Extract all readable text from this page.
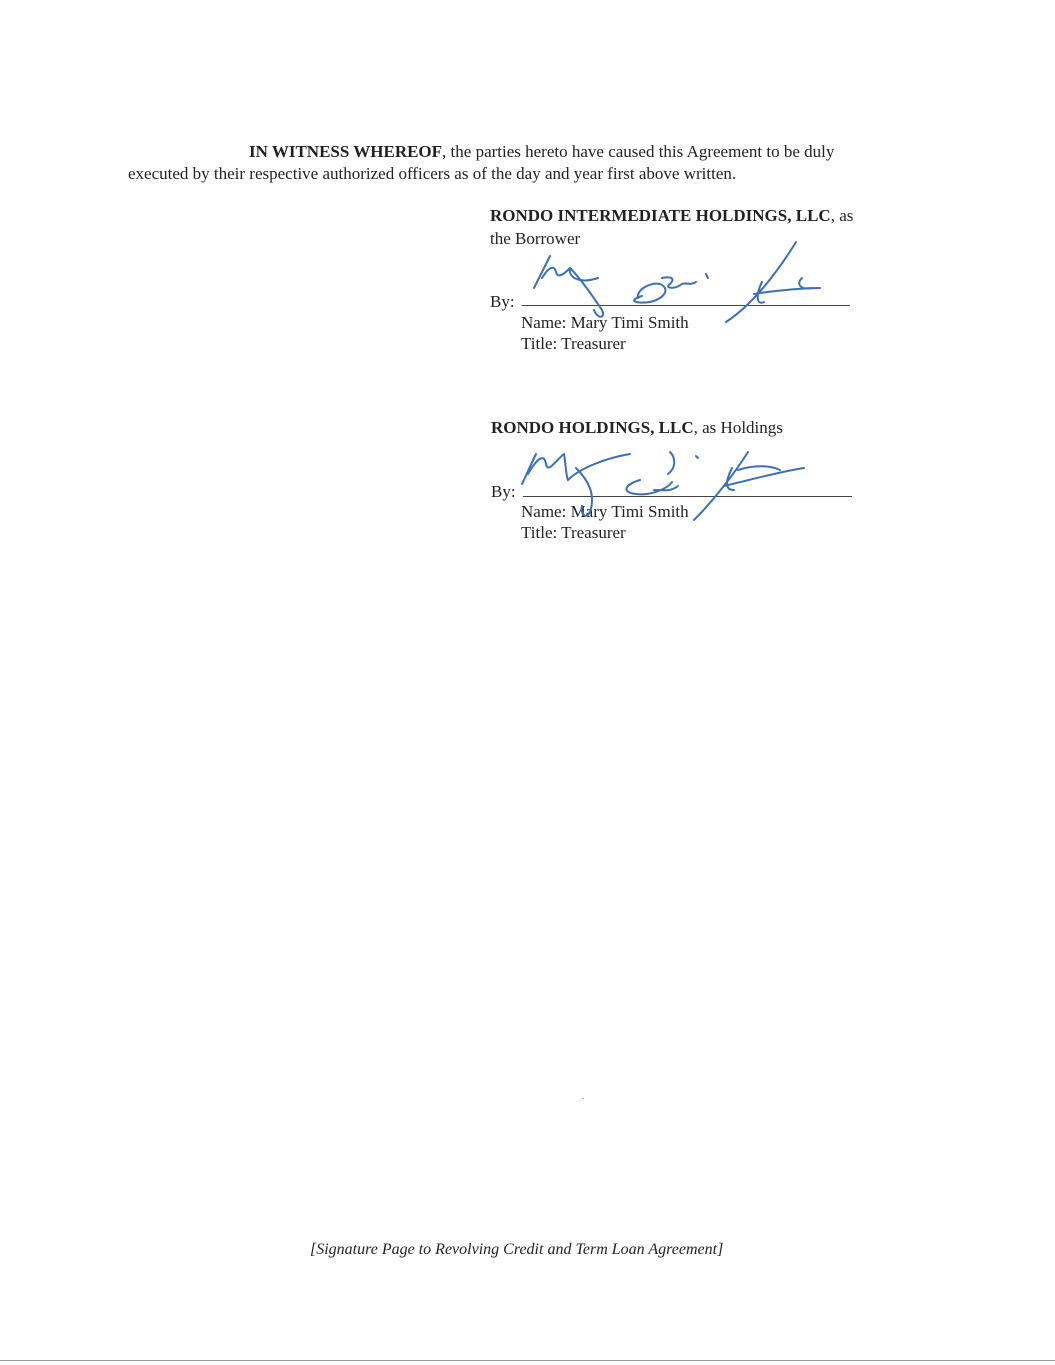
IN WITNESS WHEREOF, the parties hereto have caused this Agreement to be duly
executed by their respective authorized officers as of the day and year first above written.
RONDO INTERMEDIATE HOLDINGS, LLC, as
the Borrower
By:
Name: Mary Timi Smith
Title: Treasurer
RONDO HOLDINGS, LLC, as Holdings
By:
Name: Mary Timi Smith
Title: Treasurer
[Signature Page to Revolving Credit and Term Loan Agreement]
